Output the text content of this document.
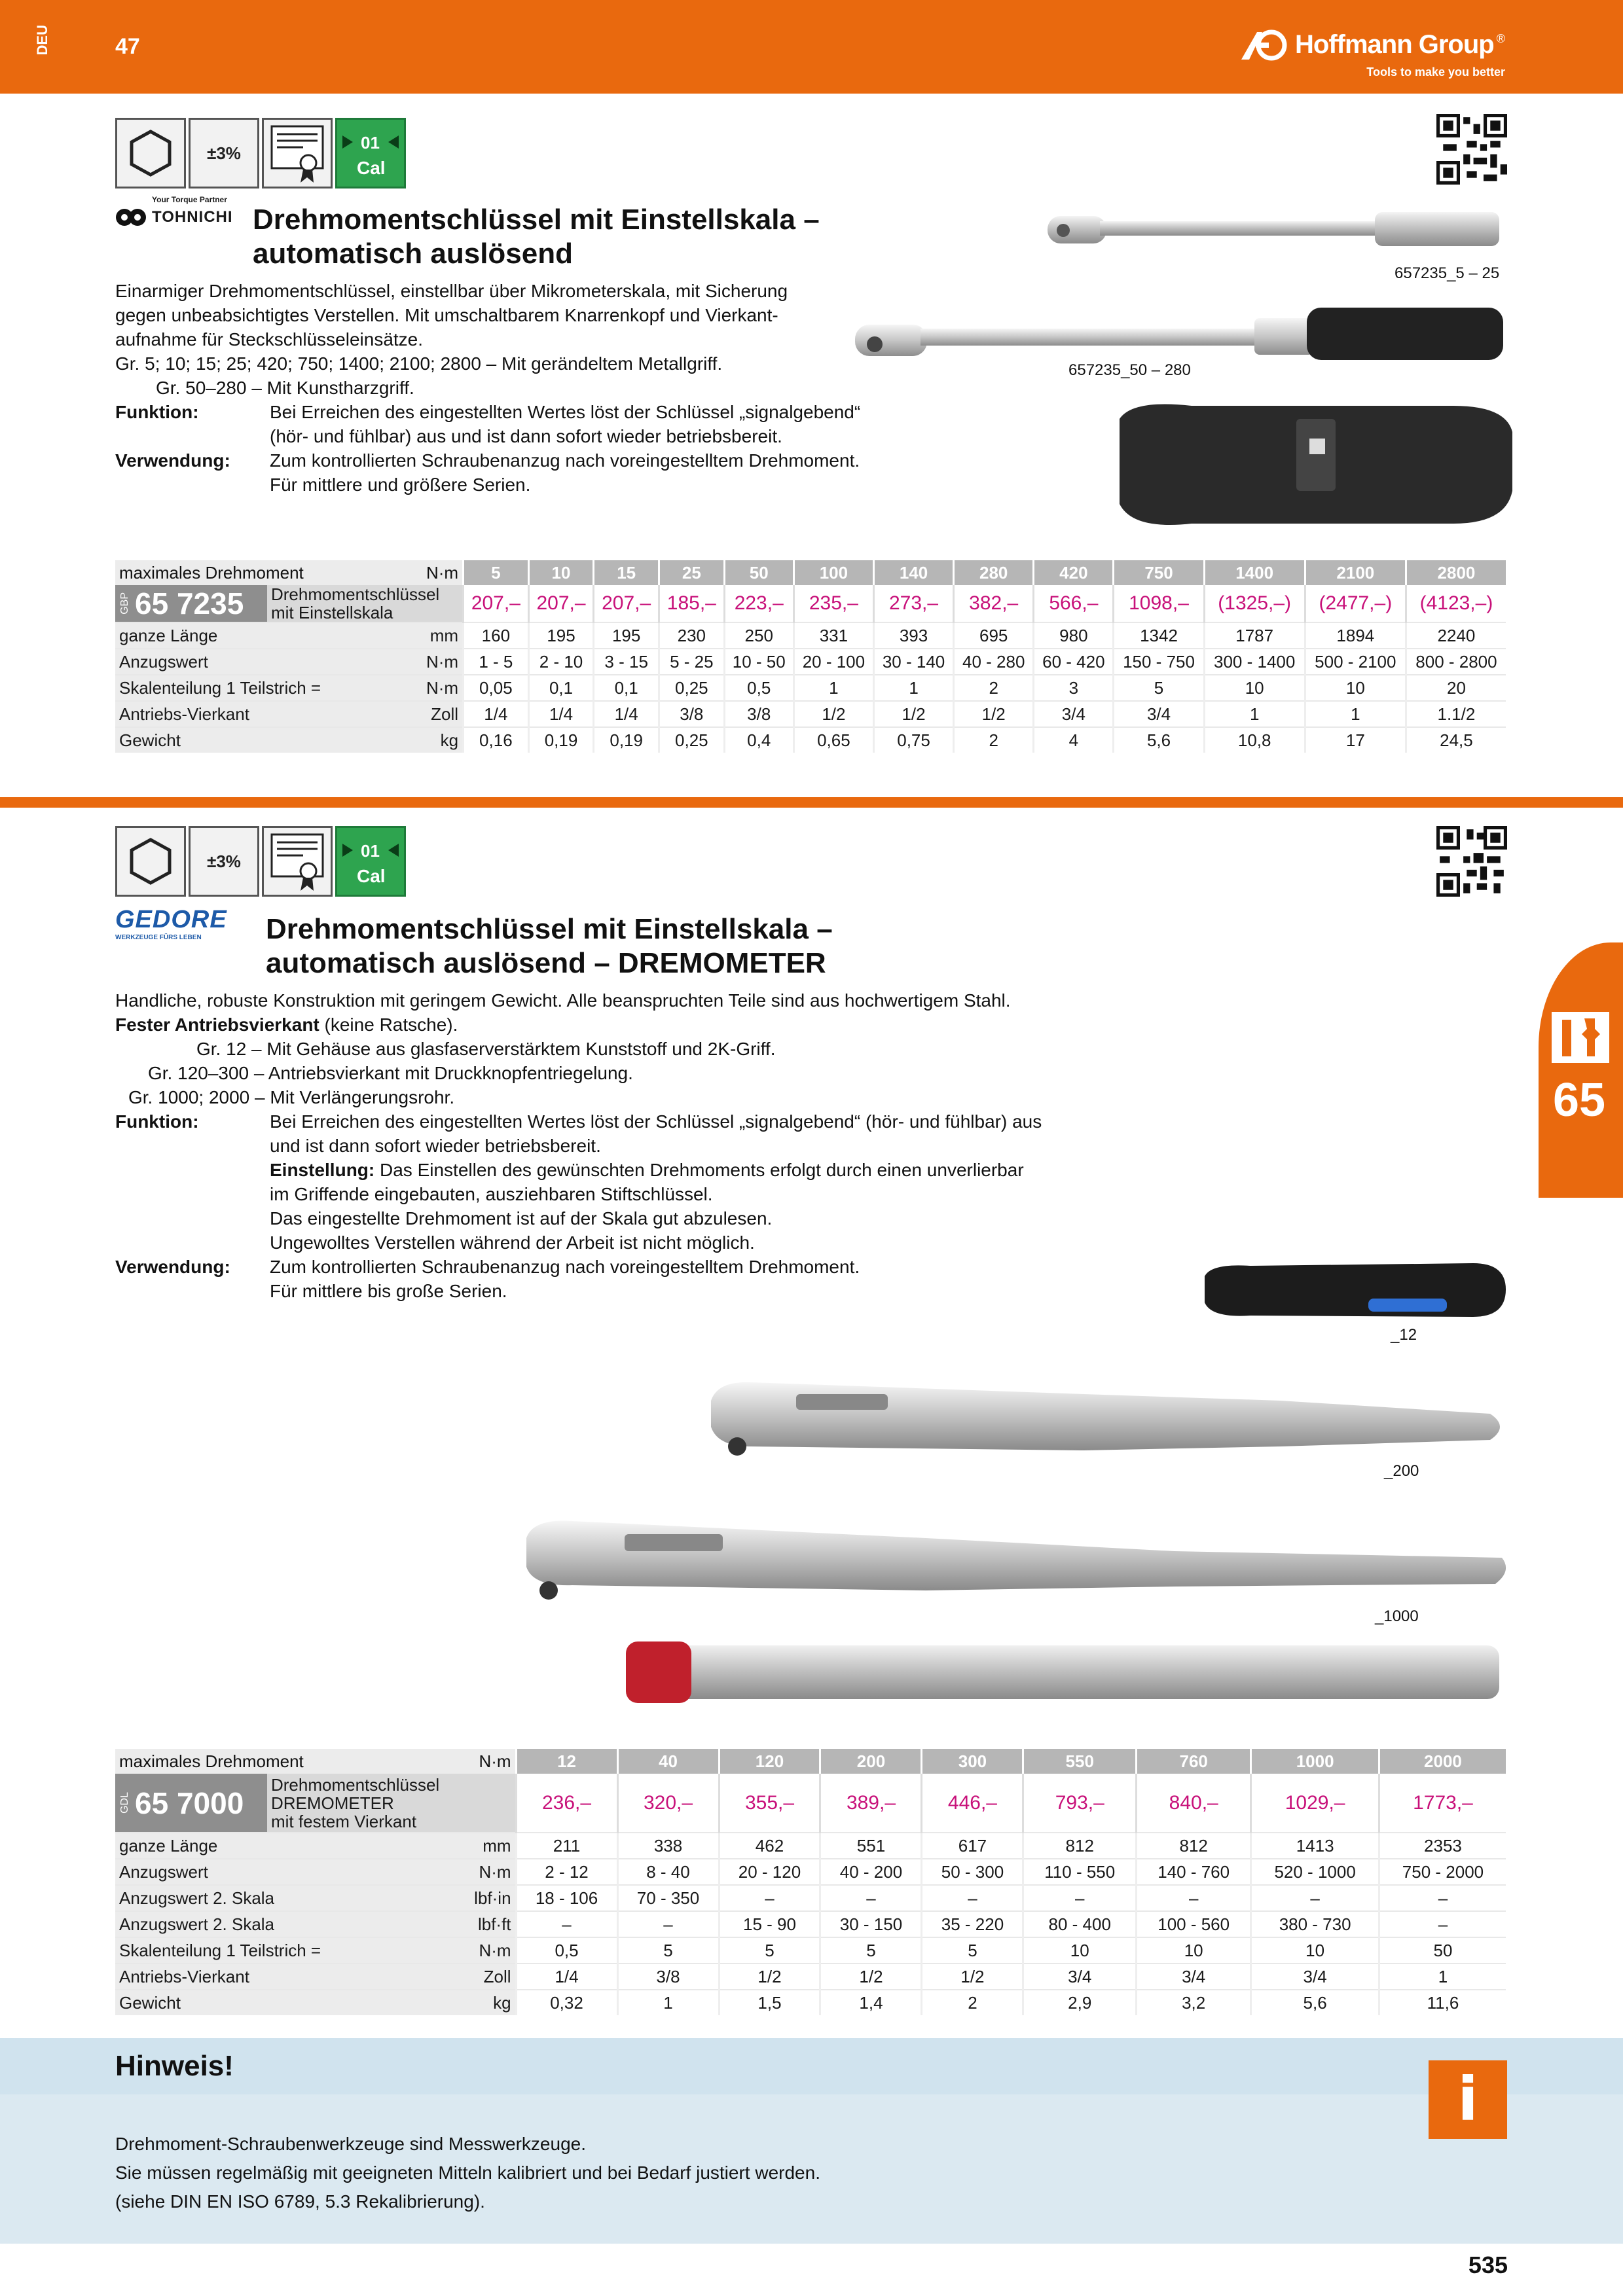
DEU	47	Hoffmann Group ®
Tools to make you better
±3%
01
Cal
Your Torque Partner
TOHNICHI Drehmomentschlüssel mit Einstellskala –
automatisch auslösend
Einarmiger Drehmomentschlüssel, einstellbar über Mikrometerskala, mit Sicherung
gegen unbeabsichtigtes Verstellen. Mit umschaltbarem Knarrenkopf und Vierkant-
aufnahme für Steckschlüsseleinsätze.
Gr. 5; 10; 15; 25; 420; 750; 1400; 2100; 2800 – Mit gerändeltem Metallgriff.
Gr. 50–280 – Mit Kunstharzgriff.
Funktion:	Bei Erreichen des eingestellten Wertes löst der Schlüssel „signalgebend“
(hör- und fühlbar) aus und ist dann sofort wieder betriebsbereit.
Verwendung:	Zum kontrollierten Schraubenanzug nach voreingestelltem Drehmoment.
Für mittlere und größere Serien.
657235_5 – 25
657235_50 – 280
maximales Drehmoment		N·m	5	10	15	25	50	100	140	280	420	750	1400	2100	2800
GBP 65 7235	Drehmomentschlüssel
mit Einstellskala		207,–	207,–	207,–	185,–	223,–	235,–	273,–	382,–	566,–	1098,–	(1325,–)	(2477,–)	(4123,–)
ganze Länge		mm	160	195	195	230	250	331	393	695	980	1342	1787	1894	2240
Anzugswert		N·m	1 - 5	2 - 10	3 - 15	5 - 25	10 - 50	20 - 100	30 - 140	40 - 280	60 - 420	150 - 750	300 - 1400	500 - 2100	800 - 2800
Skalenteilung 1 Teilstrich =		N·m	0,05	0,1	0,1	0,25	0,5	1	1	2	3	5	10	10	20
Antriebs-Vierkant		Zoll	1/4	1/4	1/4	3/8	3/8	1/2	1/2	1/2	3/4	3/4	1	1	1.1/2
Gewicht		kg	0,16	0,19	0,19	0,25	0,4	0,65	0,75	2	4	5,6	10,8	17	24,5
±3%
01
Cal
GEDORE
WERKZEUGE FÜRS LEBEN	Drehmomentschlüssel mit Einstellskala –
automatisch auslösend – DREMOMETER
Handliche, robuste Konstruktion mit geringem Gewicht. Alle beanspruchten Teile sind aus hochwertigem Stahl.
Fester Antriebsvierkant (keine Ratsche).
Gr. 12 – Mit Gehäuse aus glasfaserverstärktem Kunststoff und 2K-Griff.
Gr. 120–300 – Antriebsvierkant mit Druckknopfentriegelung.
Gr. 1000; 2000 – Mit Verlängerungsrohr.
Funktion:	Bei Erreichen des eingestellten Wertes löst der Schlüssel „signalgebend“ (hör- und fühlbar) aus
und ist dann sofort wieder betriebsbereit.
Einstellung: Das Einstellen des gewünschten Drehmoments erfolgt durch einen unverlierbar
im Griffende eingebauten, ausziehbaren Stiftschlüssel.
Das eingestellte Drehmoment ist auf der Skala gut abzulesen.
Ungewolltes Verstellen während der Arbeit ist nicht möglich.
Verwendung:	Zum kontrollierten Schraubenanzug nach voreingestelltem Drehmoment.
Für mittlere bis große Serien.
65
_12
_200
_1000
maximales Drehmoment		N·m	12	40	120	200	300	550	760	1000	2000
GDL 65 7000	Drehmomentschlüssel
DREMOMETER
mit festem Vierkant		236,–	320,–	355,–	389,–	446,–	793,–	840,–	1029,–	1773,–
ganze Länge		mm	211	338	462	551	617	812	812	1413	2353
Anzugswert		N·m	2 - 12	8 - 40	20 - 120	40 - 200	50 - 300	110 - 550	140 - 760	520 - 1000	750 - 2000
Anzugswert 2. Skala		lbf·in	18 - 106	70 - 350	–	–	–	–	–	–	–
Anzugswert 2. Skala		lbf·ft	–	–	15 - 90	30 - 150	35 - 220	80 - 400	100 - 560	380 - 730	–
Skalenteilung 1 Teilstrich =		N·m	0,5	5	5	5	5	10	10	10	50
Antriebs-Vierkant		Zoll	1/4	3/8	1/2	1/2	1/2	3/4	3/4	3/4	1
Gewicht		kg	0,32	1	1,5	1,4	2	2,9	3,2	5,6	11,6
Hinweis!	i
Drehmoment-Schraubenwerkzeuge sind Messwerkzeuge.
Sie müssen regelmäßig mit geeigneten Mitteln kalibriert und bei Bedarf justiert werden.
(siehe DIN EN ISO 6789, 5.3 Rekalibrierung).
535
